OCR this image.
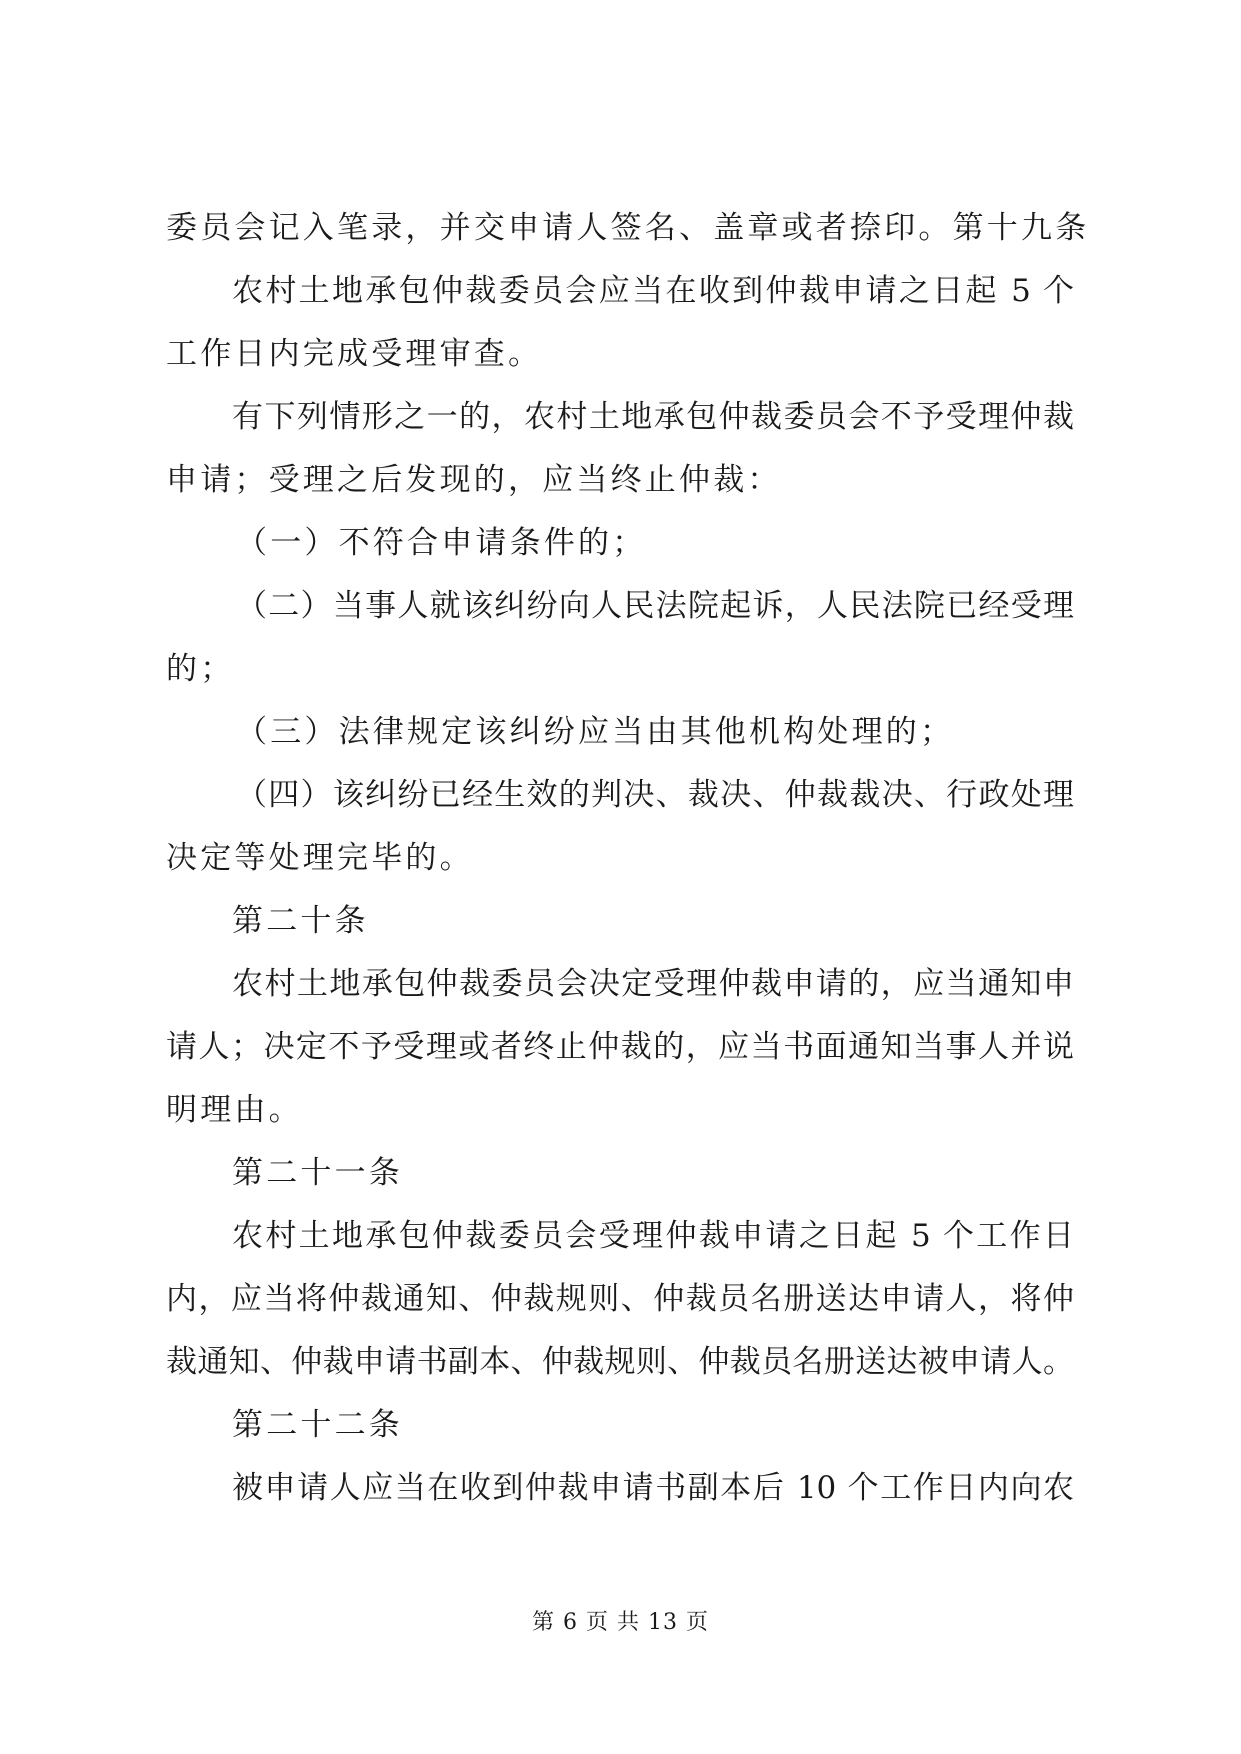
委员会记入笔录，并交申请人签名、盖章或者捺印。第十九条
农村土地承包仲裁委员会应当在收到仲裁申请之日起 5 个
工作日内完成受理审查。
有下列情形之一的，农村土地承包仲裁委员会不予受理仲裁
申请；受理之后发现的，应当终止仲裁：
（一）不符合申请条件的；
（二）当事人就该纠纷向人民法院起诉，人民法院已经受理
的；
（三）法律规定该纠纷应当由其他机构处理的；
（四）该纠纷已经生效的判决、裁决、仲裁裁决、行政处理
决定等处理完毕的。
第二十条
农村土地承包仲裁委员会决定受理仲裁申请的，应当通知申
请人；决定不予受理或者终止仲裁的，应当书面通知当事人并说
明理由。
第二十一条
农村土地承包仲裁委员会受理仲裁申请之日起 5 个工作日
内，应当将仲裁通知、仲裁规则、仲裁员名册送达申请人，将仲
裁通知、仲裁申请书副本、仲裁规则、仲裁员名册送达被申请人。
第二十二条
被申请人应当在收到仲裁申请书副本后 10 个工作日内向农
第 6 页 共 13 页
